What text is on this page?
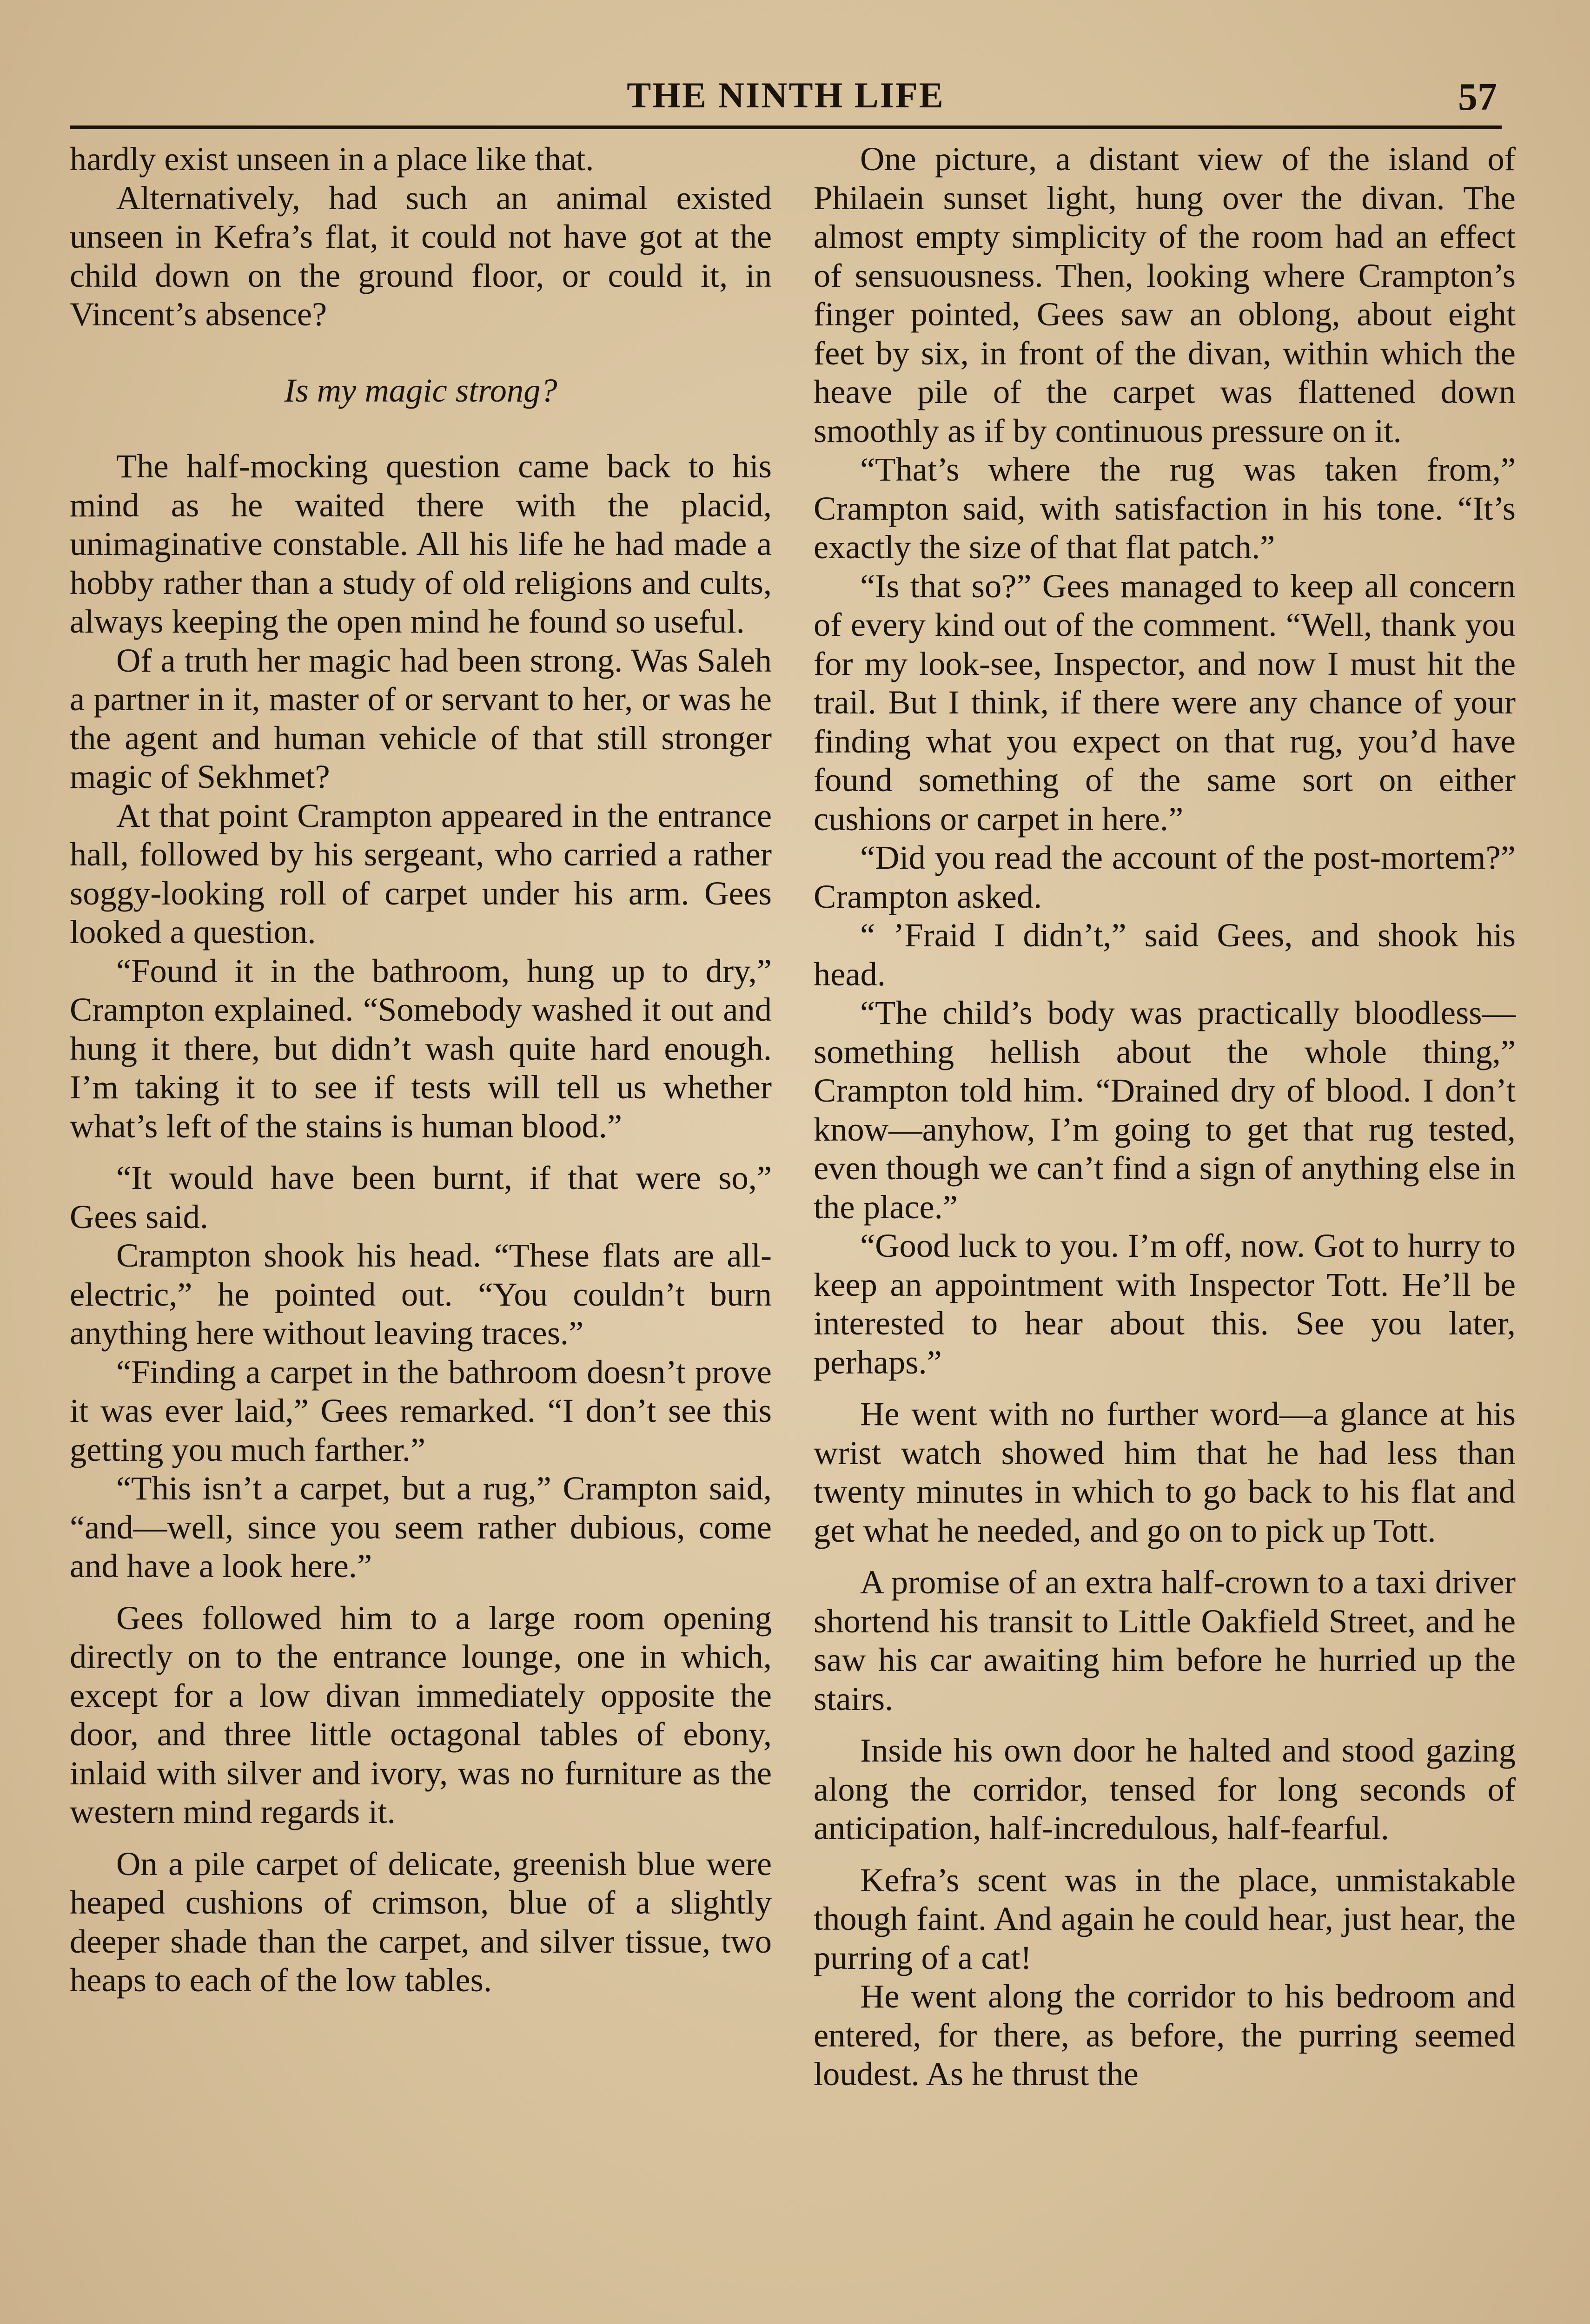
THE NINTH LIFE	57

hardly exist unseen in a place like that.

Alternatively, had such an animal existed unseen in Kefra’s flat, it could not have got at the child down on the ground floor, or could it, in Vincent’s absence?

Is my magic strong?

The half-mocking question came back to his mind as he waited there with the placid, unimaginative constable. All his life he had made a hobby rather than a study of old religions and cults, always keeping the open mind he found so useful.

Of a truth her magic had been strong. Was Saleh a partner in it, master of or servant to her, or was he the agent and human vehicle of that still stronger magic of Sekhmet?

At that point Crampton appeared in the entrance hall, followed by his sergeant, who carried a rather soggy-looking roll of carpet under his arm. Gees looked a question.

“Found it in the bathroom, hung up to dry,” Crampton explained. “Somebody washed it out and hung it there, but didn’t wash quite hard enough. I’m taking it to see if tests will tell us whether what’s left of the stains is human blood.”

“It would have been burnt, if that were so,” Gees said.

Crampton shook his head. “These flats are all-electric,” he pointed out. “You couldn’t burn anything here without leaving traces.”

“Finding a carpet in the bathroom doesn’t prove it was ever laid,” Gees remarked. “I don’t see this getting you much farther.”

“This isn’t a carpet, but a rug,” Crampton said, “and—well, since you seem rather dubious, come and have a look here.”

Gees followed him to a large room opening directly on to the entrance lounge, one in which, except for a low divan immediately opposite the door, and three little octagonal tables of ebony, inlaid with silver and ivory, was no furniture as the western mind regards it.

On a pile carpet of delicate, greenish blue were heaped cushions of crimson, blue of a slightly deeper shade than the carpet, and silver tissue, two heaps to each of the low tables.

One picture, a distant view of the island of Philaein sunset light, hung over the divan. The almost empty simplicity of the room had an effect of sensuousness. Then, looking where Crampton’s finger pointed, Gees saw an oblong, about eight feet by six, in front of the divan, within which the heave pile of the carpet was flattened down smoothly as if by continuous pressure on it.

“That’s where the rug was taken from,” Crampton said, with satisfaction in his tone. “It’s exactly the size of that flat patch.”

“Is that so?” Gees managed to keep all concern of every kind out of the comment. “Well, thank you for my look-see, Inspector, and now I must hit the trail. But I think, if there were any chance of your finding what you expect on that rug, you’d have found something of the same sort on either cushions or carpet in here.”

“Did you read the account of the post-mortem?” Crampton asked.

“ ’Fraid I didn’t,” said Gees, and shook his head.

“The child’s body was practically bloodless—something hellish about the whole thing,” Crampton told him. “Drained dry of blood. I don’t know—anyhow, I’m going to get that rug tested, even though we can’t find a sign of anything else in the place.”

“Good luck to you. I’m off, now. Got to hurry to keep an appointment with Inspector Tott. He’ll be interested to hear about this. See you later, perhaps.”

He went with no further word—a glance at his wrist watch showed him that he had less than twenty minutes in which to go back to his flat and get what he needed, and go on to pick up Tott.

A promise of an extra half-crown to a taxi driver shortend his transit to Little Oakfield Street, and he saw his car awaiting him before he hurried up the stairs.

Inside his own door he halted and stood gazing along the corridor, tensed for long seconds of anticipation, half-incredulous, half-fearful.

Kefra’s scent was in the place, unmistakable though faint. And again he could hear, just hear, the purring of a cat!

He went along the corridor to his bedroom and entered, for there, as before, the purring seemed loudest. As he thrust the
